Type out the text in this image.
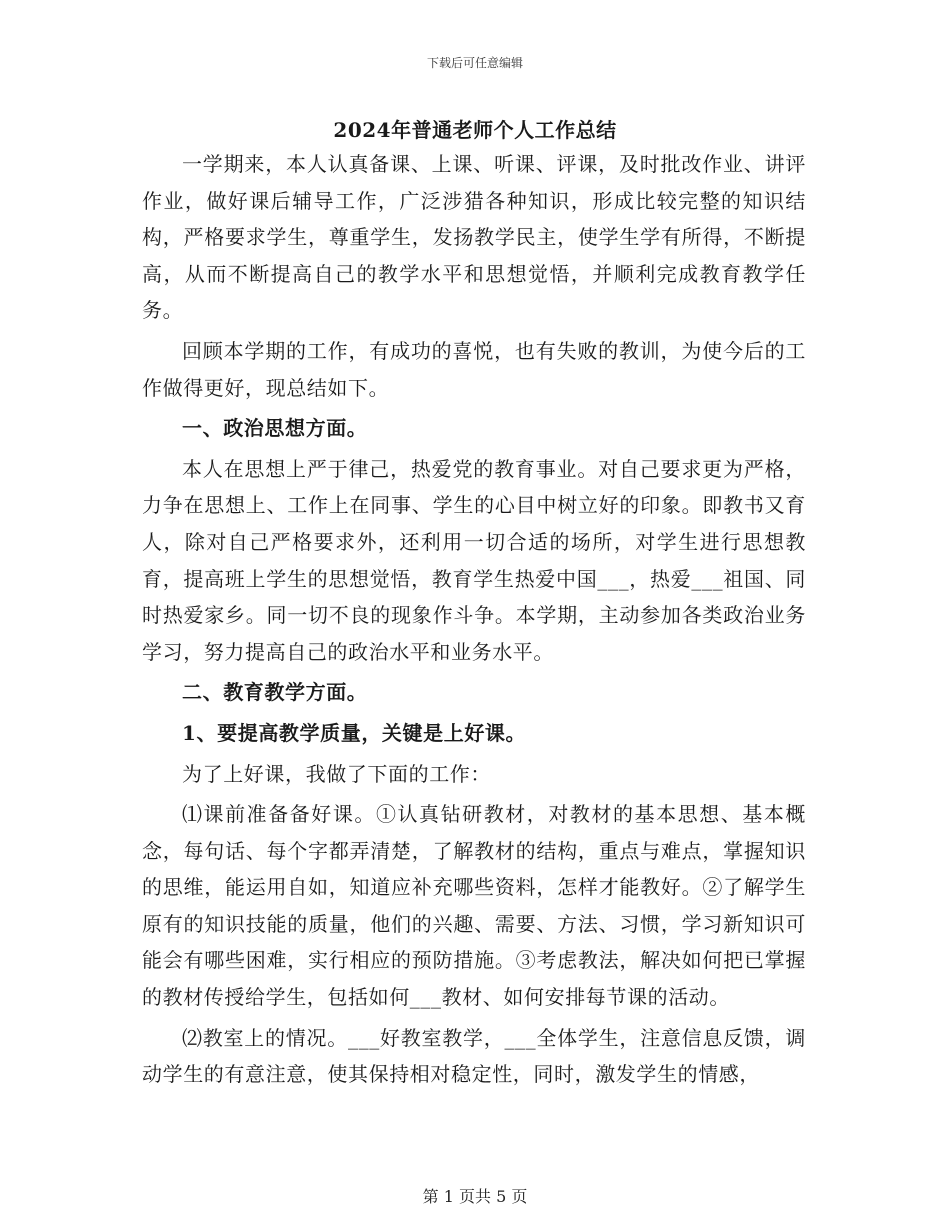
下载后可任意编辑
2024年普通老师个人工作总结

一学期来，本人认真备课、上课、听课、评课，及时批改作业、讲评作业，做好课后辅导工作，广泛涉猎各种知识，形成比较完整的知识结构，严格要求学生，尊重学生，发扬教学民主，使学生学有所得，不断提高，从而不断提高自己的教学水平和思想觉悟，并顺利完成教育教学任务。

回顾本学期的工作，有成功的喜悦，也有失败的教训，为使今后的工作做得更好，现总结如下。

一、政治思想方面。

本人在思想上严于律己，热爱党的教育事业。对自己要求更为严格，力争在思想上、工作上在同事、学生的心目中树立好的印象。即教书又育人，除对自己严格要求外，还利用一切合适的场所，对学生进行思想教育，提高班上学生的思想觉悟，教育学生热爱中国___，热爱___祖国、同时热爱家乡。同一切不良的现象作斗争。本学期，主动参加各类政治业务学习，努力提高自己的政治水平和业务水平。

二、教育教学方面。

1、要提高教学质量，关键是上好课。

为了上好课，我做了下面的工作：

⑴课前准备备好课。①认真钻研教材，对教材的基本思想、基本概念，每句话、每个字都弄清楚，了解教材的结构，重点与难点，掌握知识的思维，能运用自如，知道应补充哪些资料，怎样才能教好。②了解学生原有的知识技能的质量，他们的兴趣、需要、方法、习惯，学习新知识可能会有哪些困难，实行相应的预防措施。③考虑教法，解决如何把已掌握的教材传授给学生，包括如何___教材、如何安排每节课的活动。

⑵教室上的情况。___好教室教学，___全体学生，注意信息反馈，调动学生的有意注意，使其保持相对稳定性，同时，激发学生的情感，

第 1 页共 5 页
